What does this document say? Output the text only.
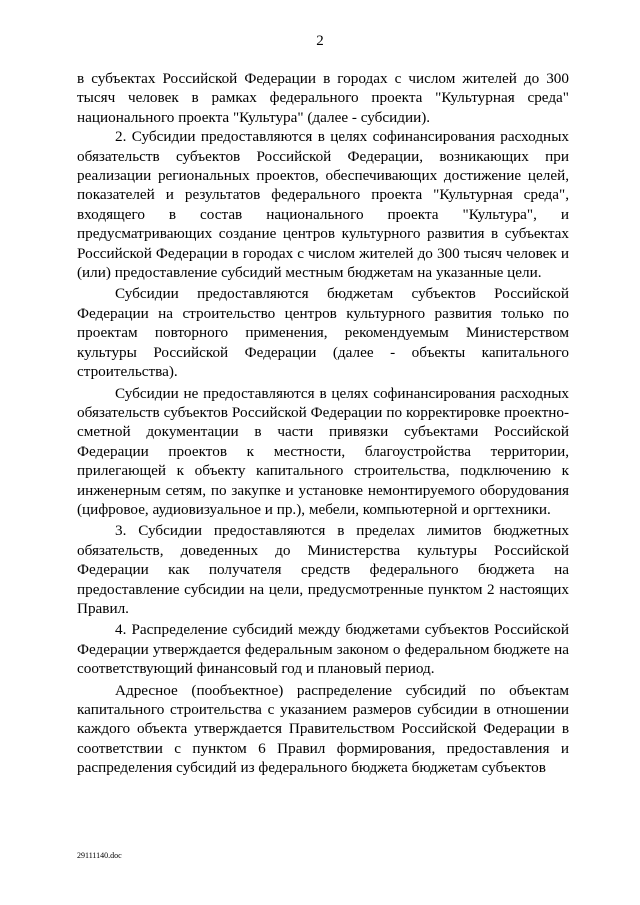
2

в субъектах Российской Федерации в городах с числом жителей до 300 тысяч человек в рамках федерального проекта "Культурная среда" национального проекта "Культура" (далее - субсидии).

2. Субсидии предоставляются в целях софинансирования расходных обязательств субъектов Российской Федерации, возникающих при реализации региональных проектов, обеспечивающих достижение целей, показателей и результатов федерального проекта "Культурная среда", входящего в состав национального проекта "Культура", и предусматривающих создание центров культурного развития в субъектах Российской Федерации в городах с числом жителей до 300 тысяч человек и (или) предоставление субсидий местным бюджетам на указанные цели.

Субсидии предоставляются бюджетам субъектов Российской Федерации на строительство центров культурного развития только по проектам повторного применения, рекомендуемым Министерством культуры Российской Федерации (далее - объекты капитального строительства).

Субсидии не предоставляются в целях софинансирования расходных обязательств субъектов Российской Федерации по корректировке проектно-сметной документации в части привязки субъектами Российской Федерации проектов к местности, благоустройства территории, прилегающей к объекту капитального строительства, подключению к инженерным сетям, по закупке и установке немонтируемого оборудования (цифровое, аудиовизуальное и пр.), мебели, компьютерной и оргтехники.

3. Субсидии предоставляются в пределах лимитов бюджетных обязательств, доведенных до Министерства культуры Российской Федерации как получателя средств федерального бюджета на предоставление субсидии на цели, предусмотренные пунктом 2 настоящих Правил.

4. Распределение субсидий между бюджетами субъектов Российской Федерации утверждается федеральным законом о федеральном бюджете на соответствующий финансовый год и плановый период.

Адресное (пообъектное) распределение субсидий по объектам капитального строительства с указанием размеров субсидии в отношении каждого объекта утверждается Правительством Российской Федерации в соответствии с пунктом 6 Правил формирования, предоставления и распределения субсидий из федерального бюджета бюджетам субъектов

29111140.doc
